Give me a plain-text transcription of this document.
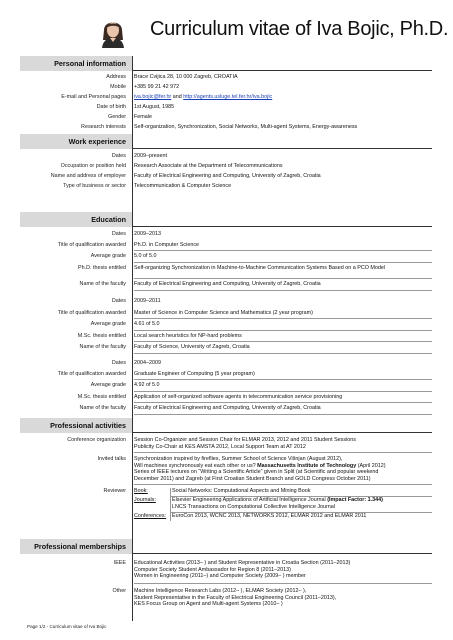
Curriculum vitae of Iva Bojic, Ph.D.
Personal information
Address Brace Cvijica 28, 10 000 Zagreb, CROATIA
Mobile +385 99 21 42 972
E-mail and Personal pages iva.bojic@fer.hr and http://agents.usluge.tel.fer.hr/iva.bojic
Date of birth 1st August, 1985
Gender Female
Research interests Self-organization, Synchronization, Social Networks, Multi-agent Systems, Energy-awareness
Work experience
Dates 2009–present
Occupation or position held Research Associate at the Department of Telecommunications
Name and address of employer Faculty of Electrical Engineering and Computing, University of Zagreb, Croatia
Type of business or sector Telecommunication & Computer Science
Education
Dates 2009–2013
Title of qualification awarded Ph.D. in Computer Science
Average grade 5.0 of 5.0
Ph.D. thesis entitled Self-organizing Synchronization in Machine-to-Machine Communication Systems Based on a PCO Model
Name of the faculty Faculty of Electrical Engineering and Computing, University of Zagreb, Croatia
Dates 2009–2011
Title of qualification awarded Master of Science in Computer Science and Mathematics (2 year program)
Average grade 4.61 of 5.0
M.Sc. thesis entitled Local search heuristics for NP-hard problems
Name of the faculty Faculty of Science, University of Zagreb, Croatia
Dates 2004–2009
Title of qualification awarded Graduate Engineer of Computing (5 year program)
Average grade 4.92 of 5.0
M.Sc. thesis entitled Application of self-organized software agents in telecommunication service provisioning
Name of the faculty Faculty of Electrical Engineering and Computing, University of Zagreb, Croatia
Professional activities
Conference organization Session Co-Organizer and Session Chair for ELMAR 2013, 2012 and 2011 Student Sessions
Publicity Co-Chair at KES AMSTA 2012, Local Support Team at AT 2012
Invited talks Synchronization inspired by fireflies, Summer School of Science Višnjan (August 2012),
Will machines synchronously eat each other or us? Massachusetts Institute of Technology (April 2012)
Series of IEEE lectures on “Writing a Scientific Article” given in Split (at Scientific and popular weekend
December 2011) and Zagreb (at First Croatian Student Branch and GOLD Congress October 2011)
Reviewer Book:	Social Networks: Computational Aspects and Mining Book
Journals:	Elsevier Engineering Applications of Artificial Intelligence Journal (Impact Factor: 1.344)
LNCS Transactions on Computational Collective Intelligence Journal
Conferences: EuroCon 2013, WCNC 2013, NETWORKS 2012, ELMAR 2012 and ELMAR 2011
Professional memberships
IEEE Educational Activities (2013– ) and Student Representative in Croatia Section (2011–2013)
Computer Society Student Ambassador for Region 8 (2011–2013)
Women in Engineering (2011–) and Computer Society (2009– ) member
Other Machine Intelligence Research Labs (2012– ), ELMAR Society (2012– ),
Student Representative in the Faculty of Electrical Engineering Council (2011–2013),
KES Focus Group on Agent and Multi-agent Systems (2010– )
Page 1/2 - Curriculum vitae of Iva Bojic
